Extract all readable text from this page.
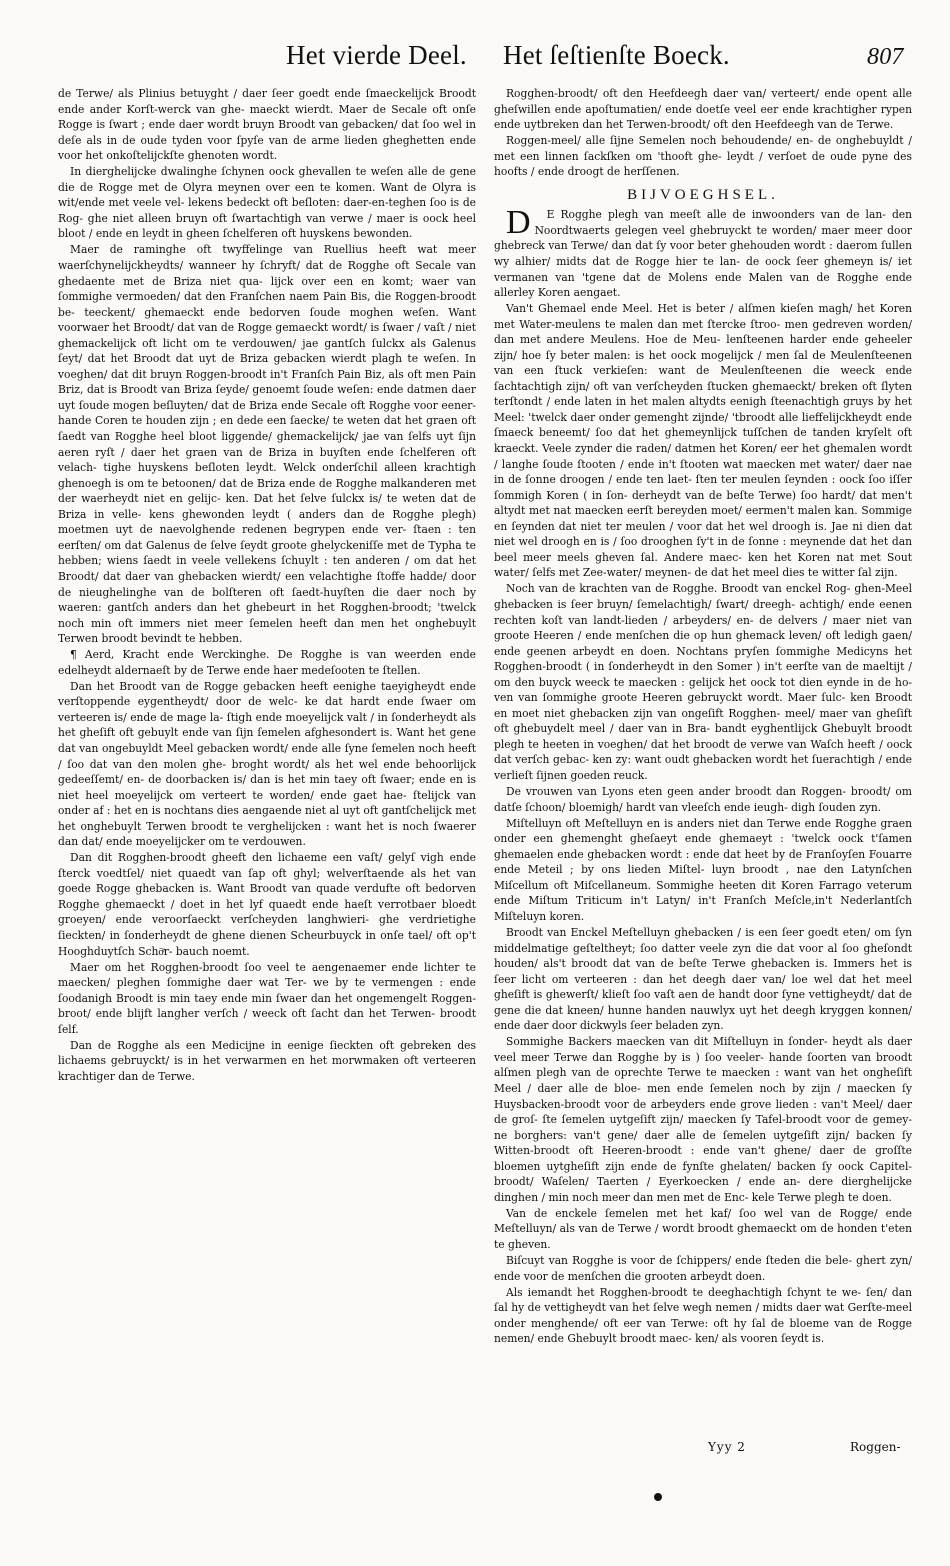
Het vierde Deel. Het ſeſtienſte Boeck.	807

de Terwe/ als Plinius betuyght / daer ſeer goedt ende ſmaeckelijck Broodt ende ander Korſt-werck van ghe- maeckt wierdt. Maer de Secale oft onſe Rogge is ſwart ; ende daer wordt bruyn Broodt van gebacken/ dat ſoo wel in deſe als in de oude tyden voor ſpyſe van de arme lieden gheghetten ende voor het onkoſtelijckſte ghenoten wordt.

In dierghelijcke dwalinghe ſchynen oock ghevallen te weſen alle de gene die de Rogge met de Olyra meynen over een te komen. Want de Olyra is wit/ende met veele vel- lekens bedeckt oft beſloten: daer-en-teghen ſoo is de Rog- ghe niet alleen bruyn oft ſwartachtigh van verwe / maer is oock heel bloot / ende en leydt in gheen ſchelferen oft huyskens bewonden.

Maer de raminghe oft twyffelinge van Ruellius heeft wat meer waerſchynelijckheydts/ wanneer hy ſchryft/ dat de Rogghe oft Secale van ghedaente met de Briza niet qua- lijck over een en komt; waer van ſommighe vermoeden/ dat den Franſchen naem Pain Bis, die Roggen-broodt be- teeckent/ ghemaeckt ende bedorven ſoude moghen weſen. Want voorwaer het Broodt/ dat van de Rogge gemaeckt wordt/ is ſwaer / vaſt / niet ghemackelijck oft licht om te verdouwen/ jae gantſch ſulckx als Galenus ſeyt/ dat het Broodt dat uyt de Briza gebacken wierdt plagh te weſen. In voeghen/ dat dit bruyn Roggen-broodt in't Franſch Pain Biz, als oft men Pain Briz, dat is Broodt van Briza ſeyde/ genoemt ſoude weſen: ende datmen daer uyt ſoude mogen beſluyten/ dat de Briza ende Secale oft Rogghe voor eener- hande Coren te houden zijn ; en dede een ſaecke/ te weten dat het graen oft ſaedt van Rogghe heel bloot liggende/ ghemackelijck/ jae van ſelfs uyt ſijn aeren ryſt / daer het graen van de Briza in buyſten ende ſchelferen oft velach- tighe huyskens beſloten leydt. Welck onderſchil alleen krachtigh ghenoegh is om te betoonen/ dat de Briza ende de Rogghe malkanderen met der waerheydt niet en gelijc- ken. Dat het ſelve ſulckx is/ te weten dat de Briza in velle- kens ghewonden leydt ( anders dan de Rogghe plegh) moetmen uyt de naevolghende redenen begrypen ende ver- ſtaen : ten eerſten/ om dat Galenus de ſelve ſeydt groote ghelyckeniſſe met de Typha te hebben; wiens ſaedt in veele vellekens ſchuylt : ten anderen / om dat het Broodt/ dat daer van ghebacken wierdt/ een velachtighe ſtoffe hadde/ door de nieughelinghe van de bolſteren oft ſaedt-huyſten die daer noch by waeren: gantſch anders dan het ghebeurt in het Rogghen-broodt; 'twelck noch min oft immers niet meer ſemelen heeft dan men het onghebuylt Terwen broodt bevindt te hebben.

¶ Aerd, Kracht ende Werckinghe. De Rogghe is van weerden ende edelheydt aldernaeſt by de Terwe ende haer medeſooten te ſtellen.

Dan het Broodt van de Rogge gebacken heeft eenighe taeyigheydt ende verſtoppende eygentheydt/ door de welc- ke dat hardt ende ſwaer om verteeren is/ ende de mage la- ſtigh ende moeyelijck valt / in ſonderheydt als het gheſift oft gebuylt ende van ſijn ſemelen afghesondert is. Want het gene dat van ongebuyldt Meel gebacken wordt/ ende alle ſyne ſemelen noch heeft / ſoo dat van den molen ghe- broght wordt/ als het wel ende behoorlijck gedeeſſemt/ en- de doorbacken is/ dan is het min taey oft ſwaer; ende en is niet heel moeyelijck om verteert te worden/ ende gaet hae- ſtelijck van onder af : het en is nochtans dies aengaende niet al uyt oft gantſchelijck met het onghebuylt Terwen broodt te verghelijcken : want het is noch ſwaerer dan dat/ ende moeyelijcker om te verdouwen.

Dan dit Rogghen-broodt gheeft den lichaeme een vaſt/ gelyſ vigh ende ſterck voedtſel/ niet quaedt van ſap oft ghyl; welverſtaende als het van goede Rogge ghebacken is. Want Broodt van quade verdufte oft bedorven Rogghe ghemaeckt / doet in het lyf quaedt ende haeſt verrotbaer bloedt groeyen/ ende veroorſaeckt verſcheyden langhwieri- ghe verdrietighe ſieckten/ in ſonderheydt de ghene dienen Scheurbuyck in onſe tael/ oft op't Hooghduytſch Schöͤr- bauch noemt.

Maer om het Rogghen-broodt ſoo veel te aengenaemer ende lichter te maecken/ pleghen ſommighe daer wat Ter- we by te vermengen : ende ſoodanigh Broodt is min taey ende min ſwaer dan het ongemengelt Roggen-broot/ ende blijft langher verſch / weeck oft ſacht dan het Terwen- broodt ſelf.

Dan de Rogghe als een Medicijne in eenige ſieckten oft gebreken des lichaems gebruyckt/ is in het verwarmen en het morwmaken oft verteeren krachtiger dan de Terwe.

Rogghen-broodt/ oft den Heefdeegh daer van/ verteert/ ende opent alle gheſwillen ende apoſtumatien/ ende doetſe veel eer ende krachtigher rypen ende uytbreken dan het Terwen-broodt/ oft den Heefdeegh van de Terwe.

Roggen-meel/ alle ſijne Semelen noch behoudende/ en- de onghebuyldt / met een linnen ſackſken om 'thooft ghe- leydt / verſoet de oude pyne des hoofts / ende droogt de herſſenen.

BIJVOEGHSEL.

D E Rogghe plegh van meeſt alle de inwoonders van de lan- den Noordtwaerts gelegen veel ghebruyckt te worden/ maer meer door ghebreck van Terwe/ dan dat ſy voor beter ghehouden wordt : daerom ſullen wy alhier/ midts dat de Rogge hier te lan- de oock ſeer ghemeyn is/ iet vermanen van 'tgene dat de Molens ende Malen van de Rogghe ende allerley Koren aengaet.

Van't Ghemael ende Meel. Het is beter / alſmen kieſen magh/ het Koren met Water-meulens te malen dan met ſtercke ſtroo- men gedreven worden/ dan met andere Meulens. Hoe de Meu- lenſteenen harder ende geheeler zijn/ hoe ſy beter malen: is het oock mogelijck / men ſal de Meulenſteenen van een ſtuck verkieſen: want de Meulenſteenen die weeck ende ſachtachtigh zijn/ oft van verſcheyden ſtucken ghemaeckt/ breken oft ſlyten terſtondt / ende laten in het malen altydts eenigh ſteenachtigh gruys by het Meel: 'twelck daer onder gemenght zijnde/ 'tbroodt alle lieffelijckheydt ende ſmaeck beneemt/ ſoo dat het ghemeynlijck tuſſchen de tanden kryſelt oft kraeckt. Veele zynder die raden/ datmen het Koren/ eer het ghemalen wordt / langhe ſoude ſtooten / ende in't ſtooten wat maecken met water/ daer nae in de ſonne droogen / ende ten laet- ſten ter meulen ſeynden : oock ſoo iſſer ſommigh Koren ( in ſon- derheydt van de beſte Terwe) ſoo hardt/ dat men't altydt met nat maecken eerſt bereyden moet/ eermen't malen kan. Sommige en ſeynden dat niet ter meulen / voor dat het wel droogh is. Jae ni dien dat niet wel droogh en is / ſoo drooghen ſy't in de ſonne : meynende dat het dan beel meer meels gheven ſal. Andere maec- ken het Koren nat met Sout water/ ſelfs met Zee-water/ meynen- de dat het meel dies te witter ſal zijn.

Noch van de krachten van de Rogghe. Broodt van enckel Rog- ghen-Meel ghebacken is ſeer bruyn/ ſemelachtigh/ ſwart/ dreegh- achtigh/ ende eenen rechten koſt van landt-lieden / arbeyders/ en- de delvers / maer niet van groote Heeren / ende menſchen die op hun ghemack leven/ oft ledigh gaen/ ende geenen arbeydt en doen. Nochtans pryſen ſommighe Medicyns het Rogghen-broodt ( in ſonderheydt in den Somer ) in't eerſte van de maeltijt / om den buyck weeck te maecken : gelijck het oock tot dien eynde in de ho- ven van ſommighe groote Heeren gebruyckt wordt. Maer ſulc- ken Broodt en moet niet ghebacken zijn van ongeſift Rogghen- meel/ maer van gheſift oft ghebuydelt meel / daer van in Bra- bandt eyghentlijck Ghebuylt broodt plegh te heeten in voeghen/ dat het broodt de verwe van Waſch heeft / oock dat verſch gebac- ken zy: want oudt ghebacken wordt het ſuerachtigh / ende verlieſt ſijnen goeden reuck.

De vrouwen van Lyons eten geen ander broodt dan Roggen- broodt/ om datſe ſchoon/ bloemigh/ hardt van vleeſch ende ieugh- digh ſouden zyn.

Miſtelluyn oft Meſtelluyn en is anders niet dan Terwe ende Rogghe graen onder een ghemenght gheſaeyt ende ghemaeyt : 'twelck oock t'ſamen ghemaelen ende ghebacken wordt : ende dat heet by de Franſoyſen Fouarre ende Meteil ; by ons lieden Miſtel- luyn broodt , nae den Latynſchen Miſcellum oft Miſcellaneum. Sommighe heeten dit Koren Farrago veterum ende Miſtum Triticum in't Latyn/ in't Franſch Meſcle,in't Nederlantſch Miſteluyn koren.

Broodt van Enckel Meſtelluyn ghebacken / is een ſeer goedt eten/ om ſyn middelmatige geſteltheyt; ſoo datter veele zyn die dat voor al ſoo gheſondt houden/ als't broodt dat van de beſte Terwe ghebacken is. Immers het is ſeer licht om verteeren : dan het deegh daer van/ loe wel dat het meel gheſift is ghewerſt/ klieſt ſoo vaſt aen de handt door ſyne vettigheydt/ dat de gene die dat kneen/ hunne handen nauwlyx uyt het deegh kryggen konnen/ ende daer door dickwyls ſeer beladen zyn.

Sommighe Backers maecken van dit Miſtelluyn in ſonder- heydt als daer veel meer Terwe dan Rogghe by is ) ſoo veeler- hande ſoorten van broodt alſmen plegh van de oprechte Terwe te maecken : want van het ongheſift Meel / daer alle de bloe- men ende ſemelen noch by zijn / maecken ſy Huysbacken-broodt voor de arbeyders ende grove lieden : van't Meel/ daer de groſ- ſte ſemelen uytgeſift zijn/ maecken ſy Tafel-broodt voor de gemey- ne borghers: van't gene/ daer alle de ſemelen uytgeſift zijn/ backen ſy Witten-broodt oft Heeren-broodt : ende van't ghene/ daer de groſſte bloemen uytgheſift zijn ende de fynſte ghelaten/ backen ſy oock Capitel-broodt/ Waſelen/ Taerten / Eyerkoecken / ende an- dere dierghelijcke dinghen / min noch meer dan men met de Enc- kele Terwe plegh te doen.

Van de enckele ſemelen met het kaf/ ſoo wel van de Rogge/ ende Meſtelluyn/ als van de Terwe / wordt broodt ghemaeckt om de honden t'eten te gheven.

Biſcuyt van Rogghe is voor de ſchippers/ ende ſteden die bele- ghert zyn/ ende voor de menſchen die grooten arbeydt doen.

Als iemandt het Rogghen-broodt te deeghachtigh ſchynt te we- ſen/ dan ſal hy de vettigheydt van het ſelve wegh nemen / midts daer wat Gerſte-meel onder menghende/ oft eer van Terwe: oft hy ſal de bloeme van de Rogge nemen/ ende Ghebuylt broodt maec- ken/ als vooren ſeydt is.

Yyy 2	Roggen-
